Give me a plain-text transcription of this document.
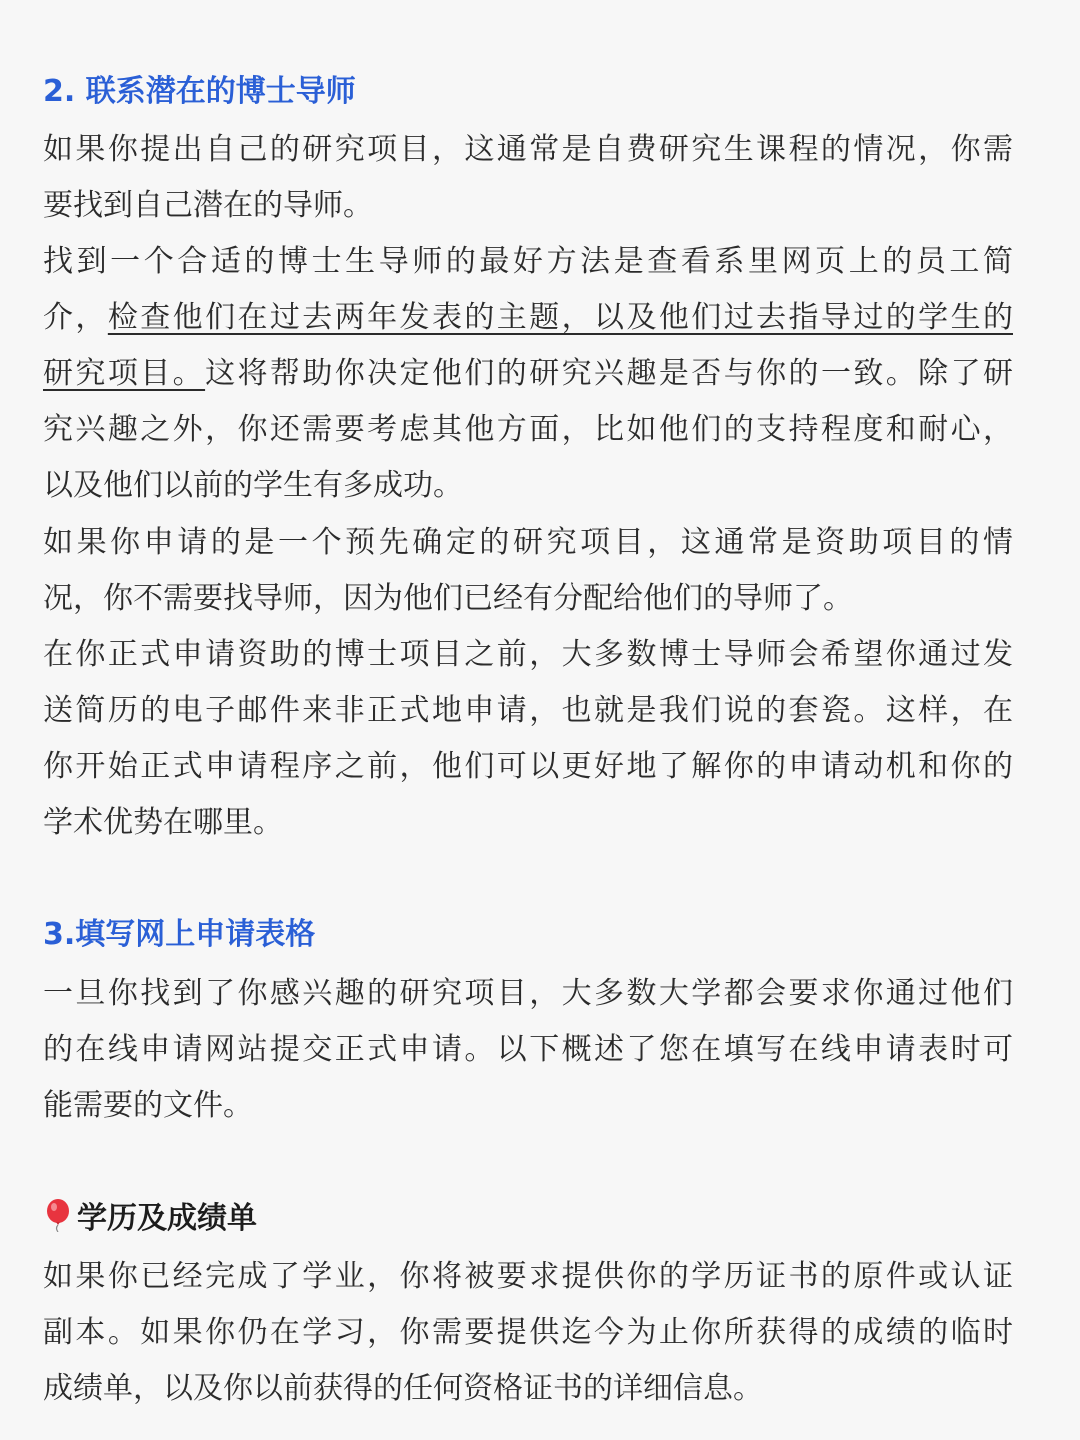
2. 联系潜在的博士导师

如果你提出自己的研究项目，这通常是自费研究生课程的情况，你需
要找到自己潜在的导师。

找到一个合适的博士生导师的最好方法是查看系里网页上的员工简
介，检查他们在过去两年发表的主题，以及他们过去指导过的学生的
研究项目。这将帮助你决定他们的研究兴趣是否与你的一致。除了研
究兴趣之外，你还需要考虑其他方面，比如他们的支持程度和耐心，
以及他们以前的学生有多成功。

如果你申请的是一个预先确定的研究项目，这通常是资助项目的情
况，你不需要找导师，因为他们已经有分配给他们的导师了。

在你正式申请资助的博士项目之前，大多数博士导师会希望你通过发
送简历的电子邮件来非正式地申请，也就是我们说的套瓷。这样，在
你开始正式申请程序之前，他们可以更好地了解你的申请动机和你的
学术优势在哪里。

3.填写网上申请表格

一旦你找到了你感兴趣的研究项目，大多数大学都会要求你通过他们
的在线申请网站提交正式申请。以下概述了您在填写在线申请表时可
能需要的文件。

学历及成绩单

如果你已经完成了学业，你将被要求提供你的学历证书的原件或认证
副本。如果你仍在学习，你需要提供迄今为止你所获得的成绩的临时
成绩单，以及你以前获得的任何资格证书的详细信息。
